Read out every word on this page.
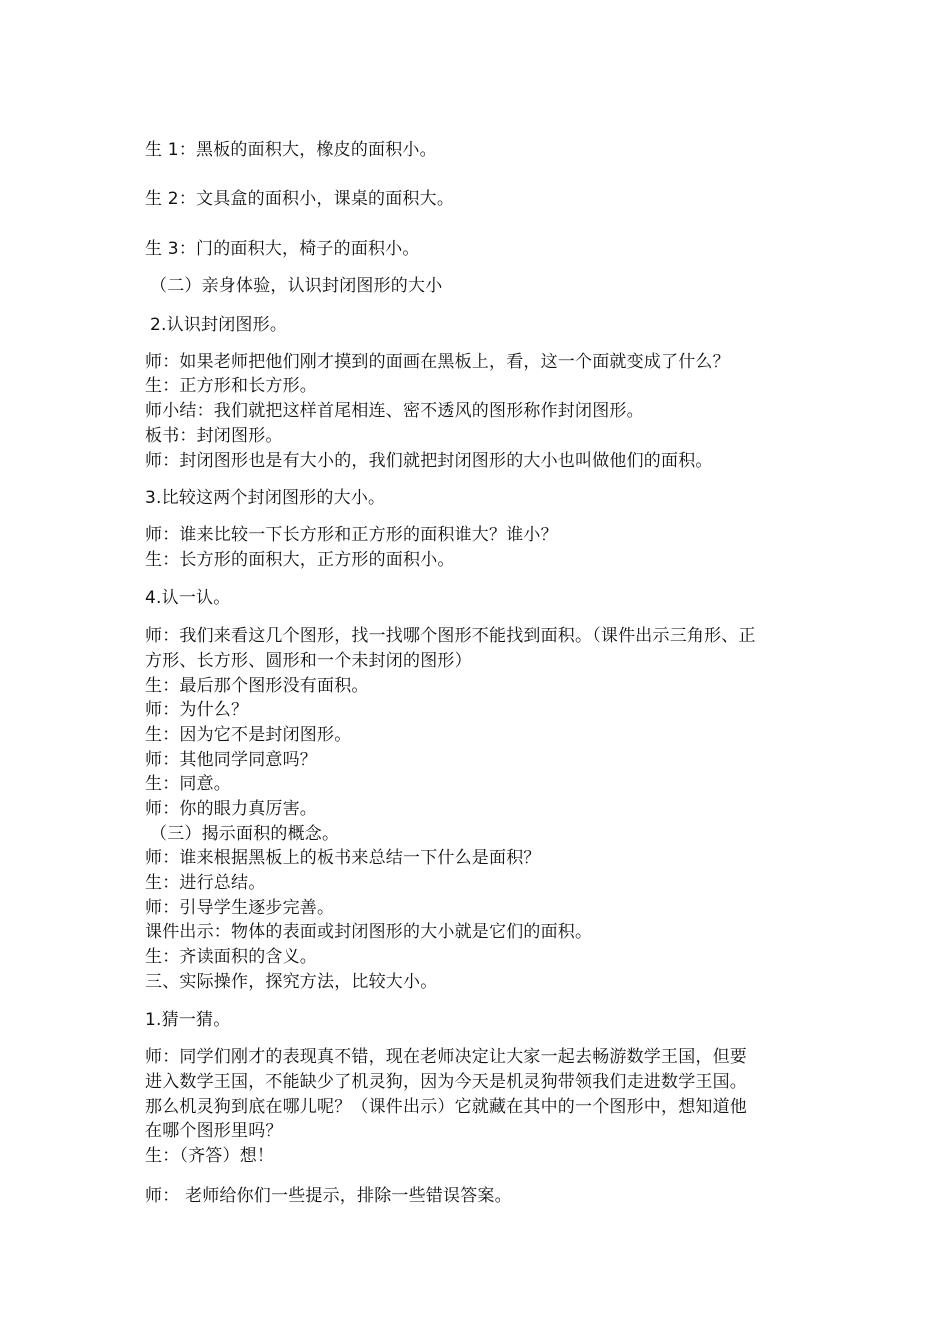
生 1：黑板的面积大，橡皮的面积小。
生 2：文具盒的面积小，课桌的面积大。
生 3：门的面积大，椅子的面积小。
（二）亲身体验，认识封闭图形的大小
2.认识封闭图形。
师：如果老师把他们刚才摸到的面画在黑板上，看，这一个面就变成了什么？
生：正方形和长方形。
师小结：我们就把这样首尾相连、密不透风的图形称作封闭图形。
板书：封闭图形。
师：封闭图形也是有大小的，我们就把封闭图形的大小也叫做他们的面积。
3.比较这两个封闭图形的大小。
师：谁来比较一下长方形和正方形的面积谁大？谁小？
生：长方形的面积大，正方形的面积小。
4.认一认。
师：我们来看这几个图形，找一找哪个图形不能找到面积。（课件出示三角形、正
方形、长方形、圆形和一个未封闭的图形）
生：最后那个图形没有面积。
师：为什么？
生：因为它不是封闭图形。
师：其他同学同意吗？
生：同意。
师：你的眼力真厉害。
（三）揭示面积的概念。
师：谁来根据黑板上的板书来总结一下什么是面积？
生：进行总结。
师：引导学生逐步完善。
课件出示：物体的表面或封闭图形的大小就是它们的面积。
生：齐读面积的含义。
三、实际操作，探究方法，比较大小。
1.猜一猜。
师：同学们刚才的表现真不错，现在老师决定让大家一起去畅游数学王国，但要
进入数学王国，不能缺少了机灵狗，因为今天是机灵狗带领我们走进数学王国。
那么机灵狗到底在哪儿呢？（课件出示）它就藏在其中的一个图形中，想知道他
在哪个图形里吗？
生：（齐答）想！
师： 老师给你们一些提示，排除一些错误答案。
